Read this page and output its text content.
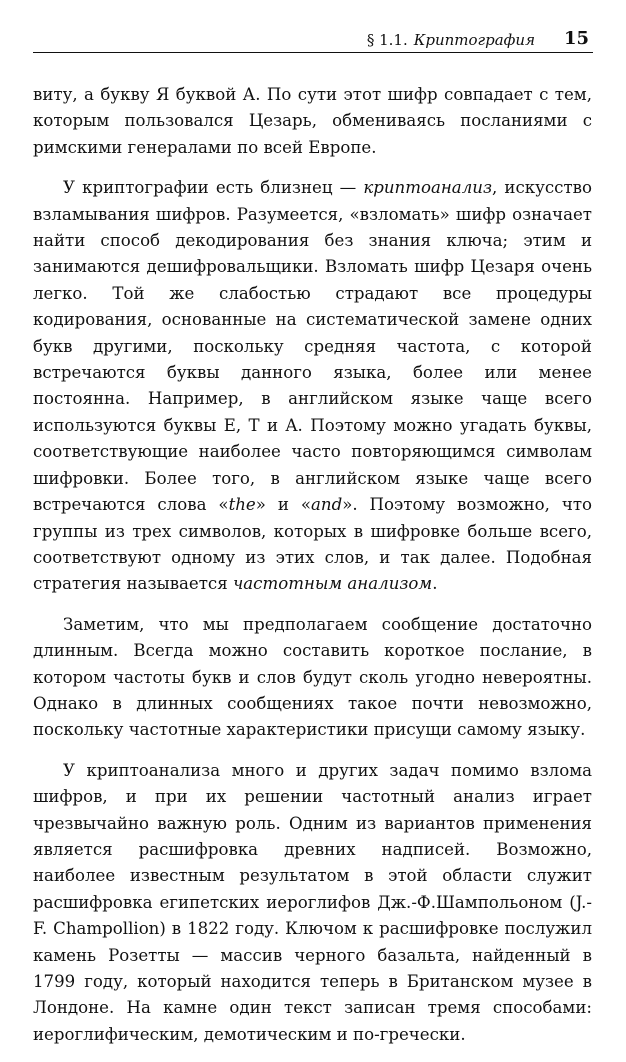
§ 1.1. Криптография 15

виту, а букву Я буквой А. По сути этот шифр совпадает с тем, которым пользовался Цезарь, обмениваясь посланиями с римскими генералами по всей Европе.

У криптографии есть близнец — криптоанализ, искусство взламывания шифров. Разумеется, «взломать» шифр означает найти способ декодирования без знания ключа; этим и занимаются дешифровальщики. Взломать шифр Цезаря очень легко. Той же слабостью страдают все процедуры кодирования, основанные на систематической замене одних букв другими, поскольку средняя частота, с которой встречаются буквы данного языка, более или менее постоянна. Например, в английском языке чаще всего используются буквы E, T и A. Поэтому можно угадать буквы, соответствующие наиболее часто повторяющимся символам шифровки. Более того, в английском языке чаще всего встречаются слова «the» и «and». Поэтому возможно, что группы из трех символов, которых в шифровке больше всего, соответствуют одному из этих слов, и так далее. Подобная стратегия называется частотным анализом.

Заметим, что мы предполагаем сообщение достаточно длинным. Всегда можно составить короткое послание, в котором частоты букв и слов будут сколь угодно невероятны. Однако в длинных сообщениях такое почти невозможно, поскольку частотные характеристики присущи самому языку.

У криптоанализа много и других задач помимо взлома шифров, и при их решении частотный анализ играет чрезвычайно важную роль. Одним из вариантов применения является расшифровка древних надписей. Возможно, наиболее известным результатом в этой области служит расшифровка египетских иероглифов Дж.-Ф.Шампольоном (J.-F. Champollion) в 1822 году. Ключом к расшифровке послужил камень Розетты — массив черного базальта, найденный в 1799 году, который находится теперь в Британском музее в Лондоне. На камне один текст записан тремя способами: иероглифическим, демотическим и по-гречески.
